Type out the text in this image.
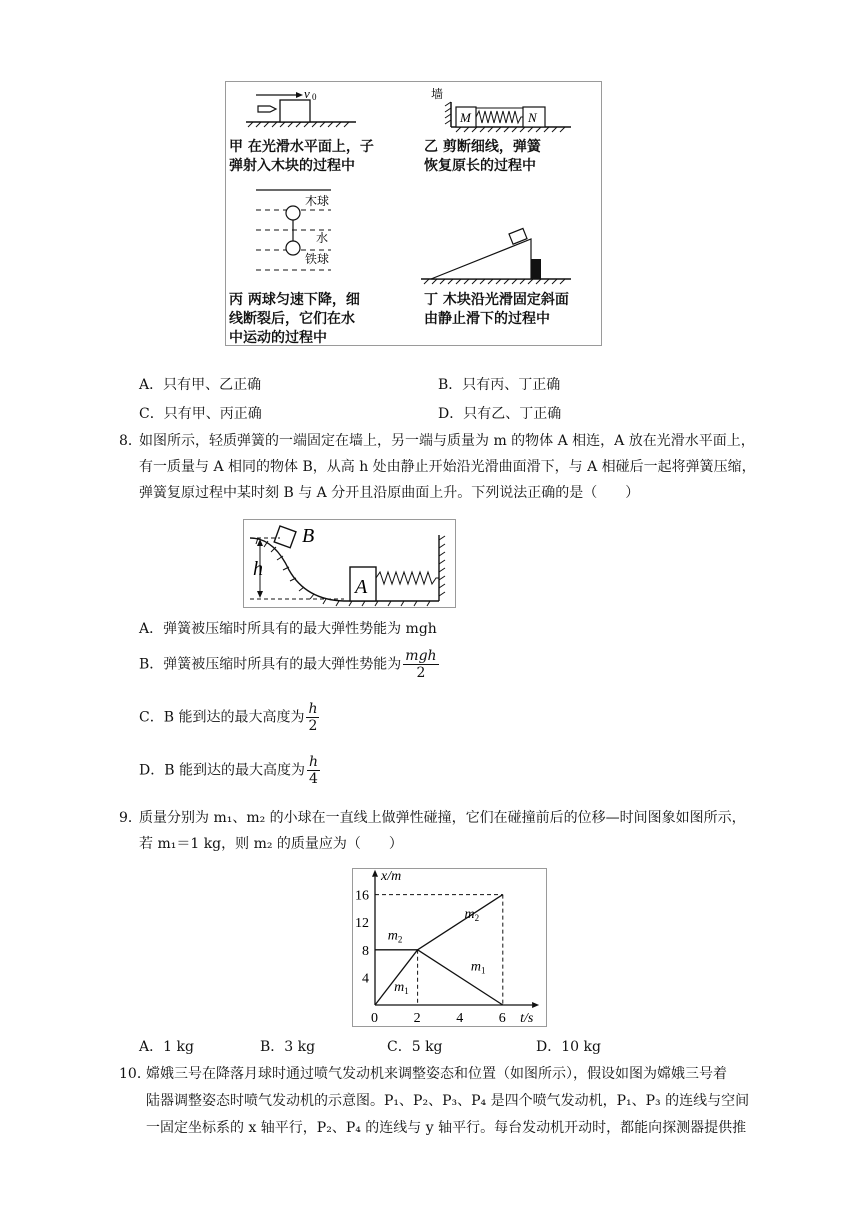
v 0
M	N
墙
木球
水
铁球
甲 在光滑水平面上，子
弹射入木块的过程中
乙 剪断细线，弹簧
恢复原长的过程中
丙 两球匀速下降，细
线断裂后，它们在水
中运动的过程中
丁 木块沿光滑固定斜面
由静止滑下的过程中
A．只有甲、乙正确	B．只有丙、丁正确
C．只有甲、丙正确	D．只有乙、丁正确
8．
如图所示，轻质弹簧的一端固定在墙上，另一端与质量为 m 的物体 A 相连，A 放在光滑水平面上，
有一质量与 A 相同的物体 B，从高 h 处由静止开始沿光滑曲面滑下，与 A 相碰后一起将弹簧压缩，
弹簧复原过程中某时刻 B 与 A 分开且沿原曲面上升。下列说法正确的是（　　）
A
B
h
A．弹簧被压缩时所具有的最大弹性势能为 mgh
B．弹簧被压缩时所具有的最大弹性势能为 $\frac{\text{mgh}}{2}$
C．B 能到达的最大高度为 $\frac{h}{2}$
D．B 能到达的最大高度为 $\frac{h}{4}$
9．
质量分别为 m₁、m₂ 的小球在一直线上做弹性碰撞，它们在碰撞前后的位移—时间图象如图所示，
若 m₁＝1 kg，则 m₂ 的质量应为（　　）
x/m
t/s
0	2	4	6
4
8
12
16
$m_2$
$m_1$
$m_2$
$m_1$
A．1 kg	B．3 kg	C．5 kg	D．10 kg
10．
嫦娥三号在降落月球时通过喷气发动机来调整姿态和位置（如图所示），假设如图为嫦娥三号着
陆器调整姿态时喷气发动机的示意图。P₁、P₂、P₃、P₄ 是四个喷气发动机，P₁、P₃ 的连线与空间
一固定坐标系的 x 轴平行，P₂、P₄ 的连线与 y 轴平行。每台发动机开动时，都能向探测器提供推
